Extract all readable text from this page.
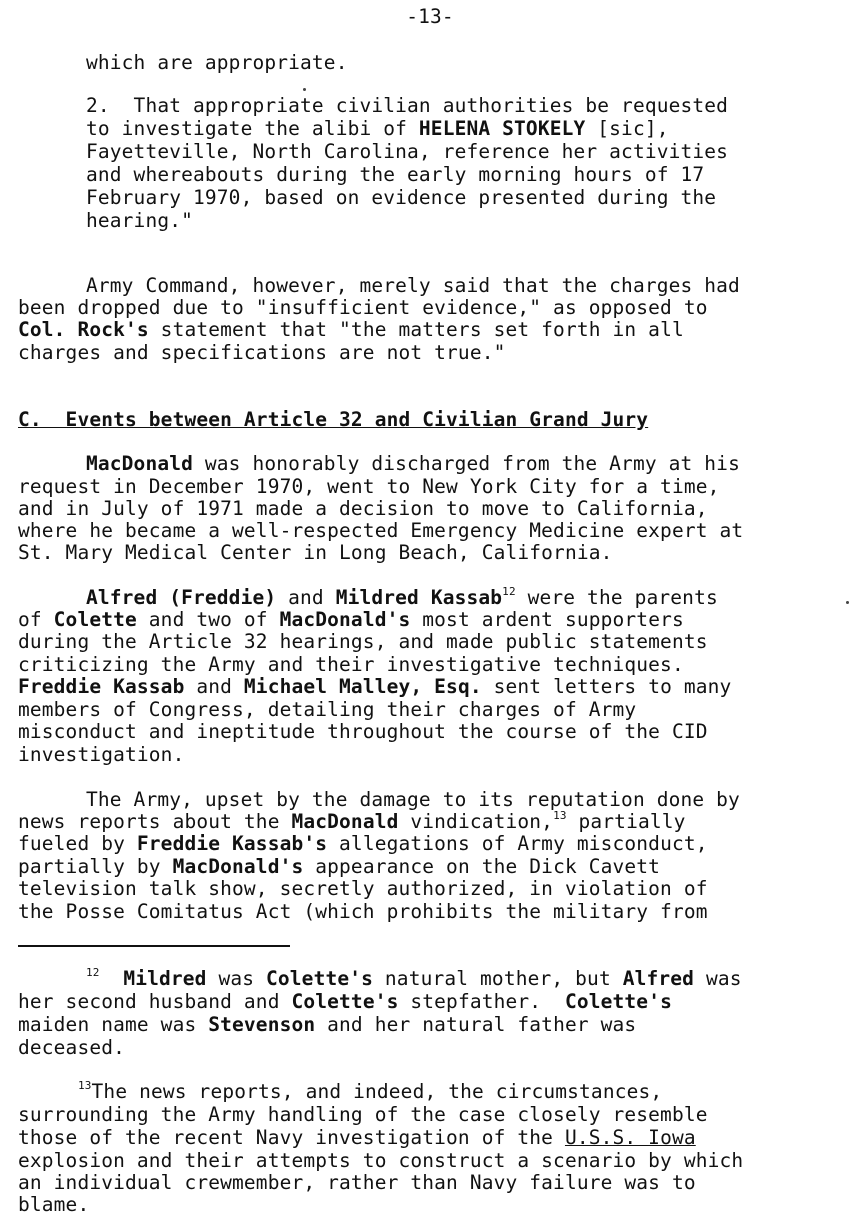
-13-
which are appropriate.
2.  That appropriate civilian authorities be requested
to investigate the alibi of HELENA STOKELY [sic],
Fayetteville, North Carolina, reference her activities
and whereabouts during the early morning hours of 17
February 1970, based on evidence presented during the
hearing."
Army Command, however, merely said that the charges had
been dropped due to "insufficient evidence," as opposed to
Col. Rock's statement that "the matters set forth in all
charges and specifications are not true."
C.  Events between Article 32 and Civilian Grand Jury
MacDonald was honorably discharged from the Army at his
request in December 1970, went to New York City for a time,
and in July of 1971 made a decision to move to California,
where he became a well-respected Emergency Medicine expert at
St. Mary Medical Center in Long Beach, California.
Alfred (Freddie) and Mildred Kassab$^{12}$ were the parents
of Colette and two of MacDonald's most ardent supporters
during the Article 32 hearings, and made public statements
criticizing the Army and their investigative techniques.
Freddie Kassab and Michael Malley, Esq. sent letters to many
members of Congress, detailing their charges of Army
misconduct and ineptitude throughout the course of the CID
investigation.
The Army, upset by the damage to its reputation done by
news reports about the MacDonald vindication,$^{13}$ partially
fueled by Freddie Kassab's allegations of Army misconduct,
partially by MacDonald's appearance on the Dick Cavett
television talk show, secretly authorized, in violation of
the Posse Comitatus Act (which prohibits the military from
$^{12}$ Mildred was Colette's natural mother, but Alfred was
her second husband and Colette's stepfather.  Colette's
maiden name was Stevenson and her natural father was
deceased.
$^{13}$The news reports, and indeed, the circumstances,
surrounding the Army handling of the case closely resemble
those of the recent Navy investigation of the U.S.S. Iowa
explosion and their attempts to construct a scenario by which
an individual crewmember, rather than Navy failure was to
blame.
